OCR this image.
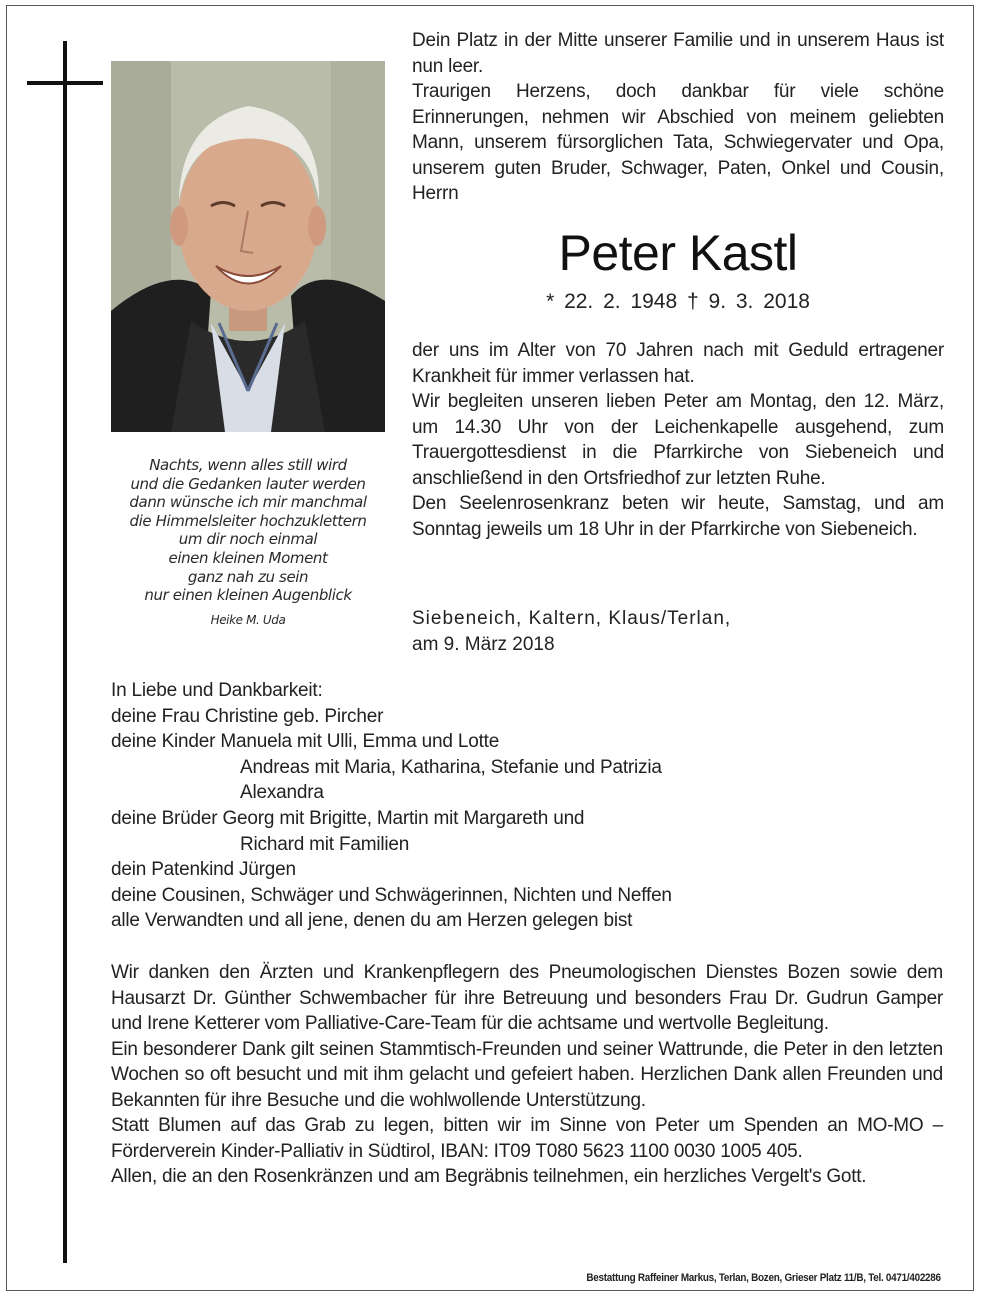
Nachts, wenn alles still wird
und die Gedanken lauter werden
dann wünsche ich mir manchmal
die Himmelsleiter hochzuklettern
um dir noch einmal
einen kleinen Moment
ganz nah zu sein
nur einen kleinen Augenblick
Heike M. Uda

Dein Platz in der Mitte unserer Familie und in unserem Haus ist nun leer.

Traurigen Herzens, doch dankbar für viele schöne Erinnerungen, nehmen wir Abschied von meinem geliebten Mann, unserem fürsorglichen Tata, Schwiegervater und Opa, unserem guten Bruder, Schwager, Paten, Onkel und Cousin, Herrn

Peter Kastl
* 22. 2. 1948 † 9. 3. 2018

der uns im Alter von 70 Jahren nach mit Geduld ertragener Krankheit für immer verlassen hat.

Wir begleiten unseren lieben Peter am Montag, den 12. März, um 14.30 Uhr von der Leichenkapelle ausgehend, zum Trauergottesdienst in die Pfarrkirche von Siebeneich und anschließend in den Ortsfriedhof zur letzten Ruhe.

Den Seelenrosenkranz beten wir heute, Samstag, und am Sonntag jeweils um 18 Uhr in der Pfarrkirche von Siebeneich.

Siebeneich, Kaltern, Klaus/Terlan,
am 9. März 2018
In Liebe und Dankbarkeit:
deine Frau Christine geb. Pircher
deine Kinder Manuela mit Ulli, Emma und Lotte
Andreas mit Maria, Katharina, Stefanie und Patrizia
Alexandra
deine Brüder Georg mit Brigitte, Martin mit Margareth und
Richard mit Familien
dein Patenkind Jürgen
deine Cousinen, Schwäger und Schwägerinnen, Nichten und Neffen
alle Verwandten und all jene, denen du am Herzen gelegen bist

Wir danken den Ärzten und Krankenpflegern des Pneumologischen Dienstes Bozen sowie dem Hausarzt Dr. Günther Schwembacher für ihre Betreuung und besonders Frau Dr. Gudrun Gamper und Irene Ketterer vom Palliative-Care-Team für die achtsame und wertvolle Begleitung.

Ein besonderer Dank gilt seinen Stammtisch-Freunden und seiner Wattrunde, die Peter in den letzten Wochen so oft besucht und mit ihm gelacht und gefeiert haben. Herzlichen Dank allen Freunden und Bekannten für ihre Besuche und die wohlwollende Unterstützung.

Statt Blumen auf das Grab zu legen, bitten wir im Sinne von Peter um Spenden an MO-MO – Förderverein Kinder-Palliativ in Südtirol, IBAN: IT09 T080 5623 1100 0030 1005 405.

Allen, die an den Rosenkränzen und am Begräbnis teilnehmen, ein herzliches Vergelt's Gott.

Bestattung Raffeiner Markus, Terlan, Bozen, Grieser Platz 11/B, Tel. 0471/402286
